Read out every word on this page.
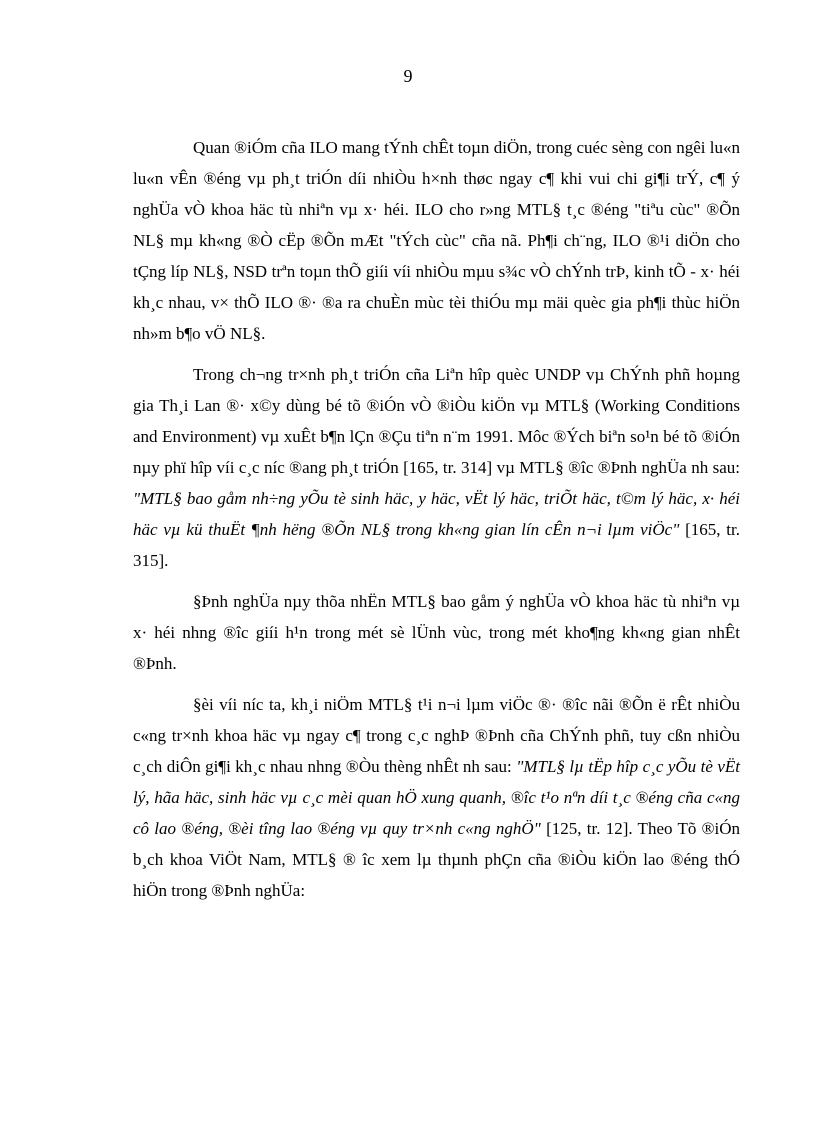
9

Quan ®iÓm cña ILO mang tÝnh chÊt toµn diÖn, trong cuéc sèng con ngêi lu«n lu«n vÊn ®éng vµ ph¸t triÓn díi nhiÒu h×nh thøc ngay c¶ khi vui chi gi¶i trÝ, c¶ ý nghÜa vÒ khoa häc tù nhiªn vµ x· héi. ILO cho r»ng MTL§ t¸c ®éng "tiªu cùc" ®Õn NL§ mµ kh«ng ®Ò cËp ®Õn mÆt "tÝch cùc" cña nã. Ph¶i ch¨ng, ILO ®¹i diÖn cho tÇng líp NL§, NSD trªn toµn thÕ giíi víi nhiÒu mµu s¾c vÒ chÝnh trÞ, kinh tÕ - x· héi kh¸c nhau, v× thÕ ILO ®· ®a ra chuÈn mùc tèi thiÓu mµ mäi quèc gia ph¶i thùc hiÖn nh»m b¶o vÖ NL§.

Trong ch¬ng tr×nh ph¸t triÓn cña Liªn hîp quèc UNDP vµ ChÝnh phñ hoµng gia Th¸i Lan ®· x©y dùng bé tõ ®iÓn vÒ ®iÒu kiÖn vµ MTL§ (Working Conditions and Environment) vµ xuÊt b¶n lÇn ®Çu tiªn n¨m 1991. Môc ®Ých biªn so¹n bé tõ ®iÓn nµy phï hîp víi c¸c níc ®ang ph¸t triÓn [165, tr. 314] vµ MTL§ ®îc ®Þnh nghÜa nh sau: "MTL§ bao gåm nh÷ng yÕu tè sinh häc, y häc, vËt lý häc, triÕt häc, t©m lý häc, x· héi häc vµ kü thuËt ¶nh hëng ®Õn NL§ trong kh«ng gian lín cÊn n¬i lµm viÖc" [165, tr. 315].

§Þnh nghÜa nµy thõa nhËn MTL§ bao gåm ý nghÜa vÒ khoa häc tù nhiªn vµ x· héi nhng ®îc giíi h¹n trong mét sè lÜnh vùc, trong mét kho¶ng kh«ng gian nhÊt ®Þnh.

§èi víi níc ta, kh¸i niÖm MTL§ t¹i n¬i lµm viÖc ®· ®îc nãi ®Õn ë rÊt nhiÒu c«ng tr×nh khoa häc vµ ngay c¶ trong c¸c nghÞ ®Þnh cña ChÝnh phñ, tuy cßn nhiÒu c¸ch diÔn gi¶i kh¸c nhau nhng ®Òu thèng nhÊt nh sau: "MTL§ lµ tËp hîp c¸c yÕu tè vËt lý, hãa häc, sinh häc vµ c¸c mèi quan hÖ xung quanh, ®îc t¹o nªn díi t¸c ®éng cña c«ng cô lao ®éng, ®èi tîng lao ®éng vµ quy tr×nh c«ng nghÖ" [125, tr. 12]. Theo Tõ ®iÓn b¸ch khoa ViÖt Nam, MTL§ ® îc xem lµ thµnh phÇn cña ®iÒu kiÖn lao ®éng thÓ hiÖn trong ®Þnh nghÜa:
